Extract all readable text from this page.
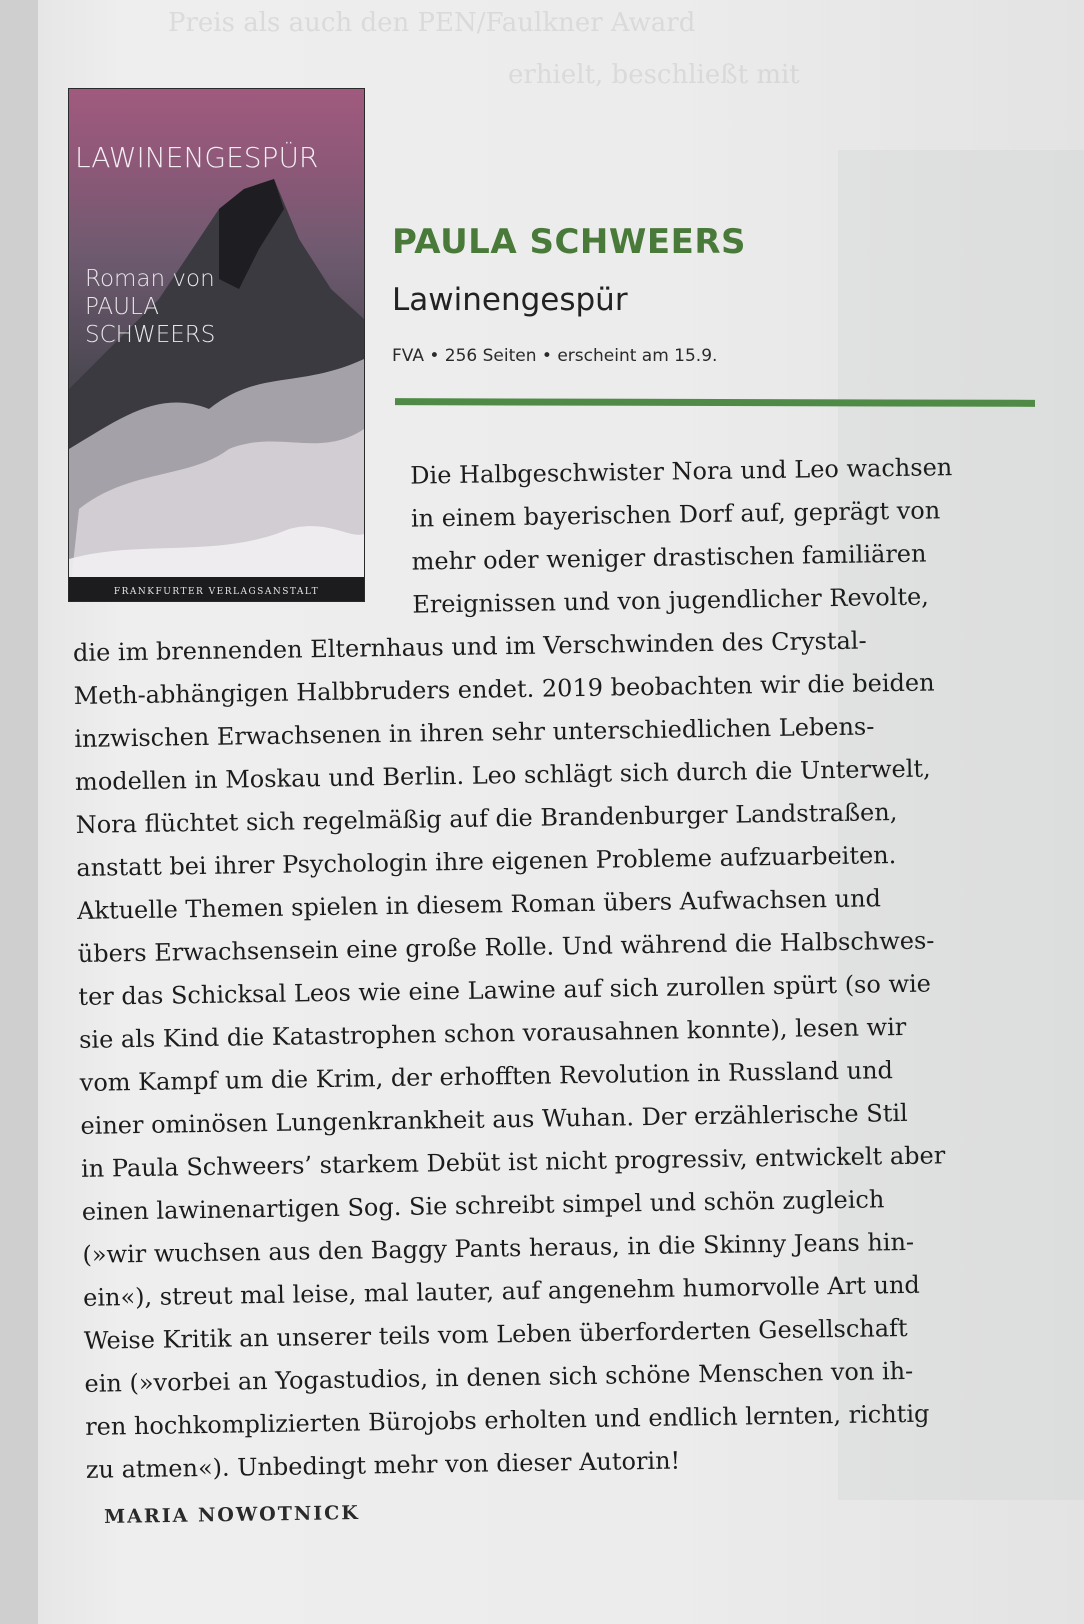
Preis als auch den PEN/Faulkner Award
erhielt, beschließt mit
LAWINENGESPÜR
Roman von
PAULA
SCHWEERS
FRANKFURTER VERLAGSANSTALT
PAULA SCHWEERS
Lawinengespür
FVA • 256 Seiten • erscheint am 15.9.
Die Halbgeschwister Nora und Leo wachsen
in einem bayerischen Dorf auf, geprägt von
mehr oder weniger drastischen familiären
Ereignissen und von jugendlicher Revolte,
die im brennenden Elternhaus und im Verschwinden des Crystal-
Meth-abhängigen Halbbruders endet. 2019 beobachten wir die beiden
inzwischen Erwachsenen in ihren sehr unterschiedlichen Lebens-
modellen in Moskau und Berlin. Leo schlägt sich durch die Unterwelt,
Nora flüchtet sich regelmäßig auf die Brandenburger Landstraßen,
anstatt bei ihrer Psychologin ihre eigenen Probleme aufzuarbeiten.
Aktuelle Themen spielen in diesem Roman übers Aufwachsen und
übers Erwachsensein eine große Rolle. Und während die Halbschwes-
ter das Schicksal Leos wie eine Lawine auf sich zurollen spürt (so wie
sie als Kind die Katastrophen schon vorausahnen konnte), lesen wir
vom Kampf um die Krim, der erhofften Revolution in Russland und
einer ominösen Lungenkrankheit aus Wuhan. Der erzählerische Stil
in Paula Schweers’ starkem Debüt ist nicht progressiv, entwickelt aber
einen lawinenartigen Sog. Sie schreibt simpel und schön zugleich
(»wir wuchsen aus den Baggy Pants heraus, in die Skinny Jeans hin-
ein«), streut mal leise, mal lauter, auf angenehm humorvolle Art und
Weise Kritik an unserer teils vom Leben überforderten Gesellschaft
ein (»vorbei an Yogastudios, in denen sich schöne Menschen von ih-
ren hochkomplizierten Bürojobs erholten und endlich lernten, richtig
zu atmen«). Unbedingt mehr von dieser Autorin!
MARIA NOWOTNICK
